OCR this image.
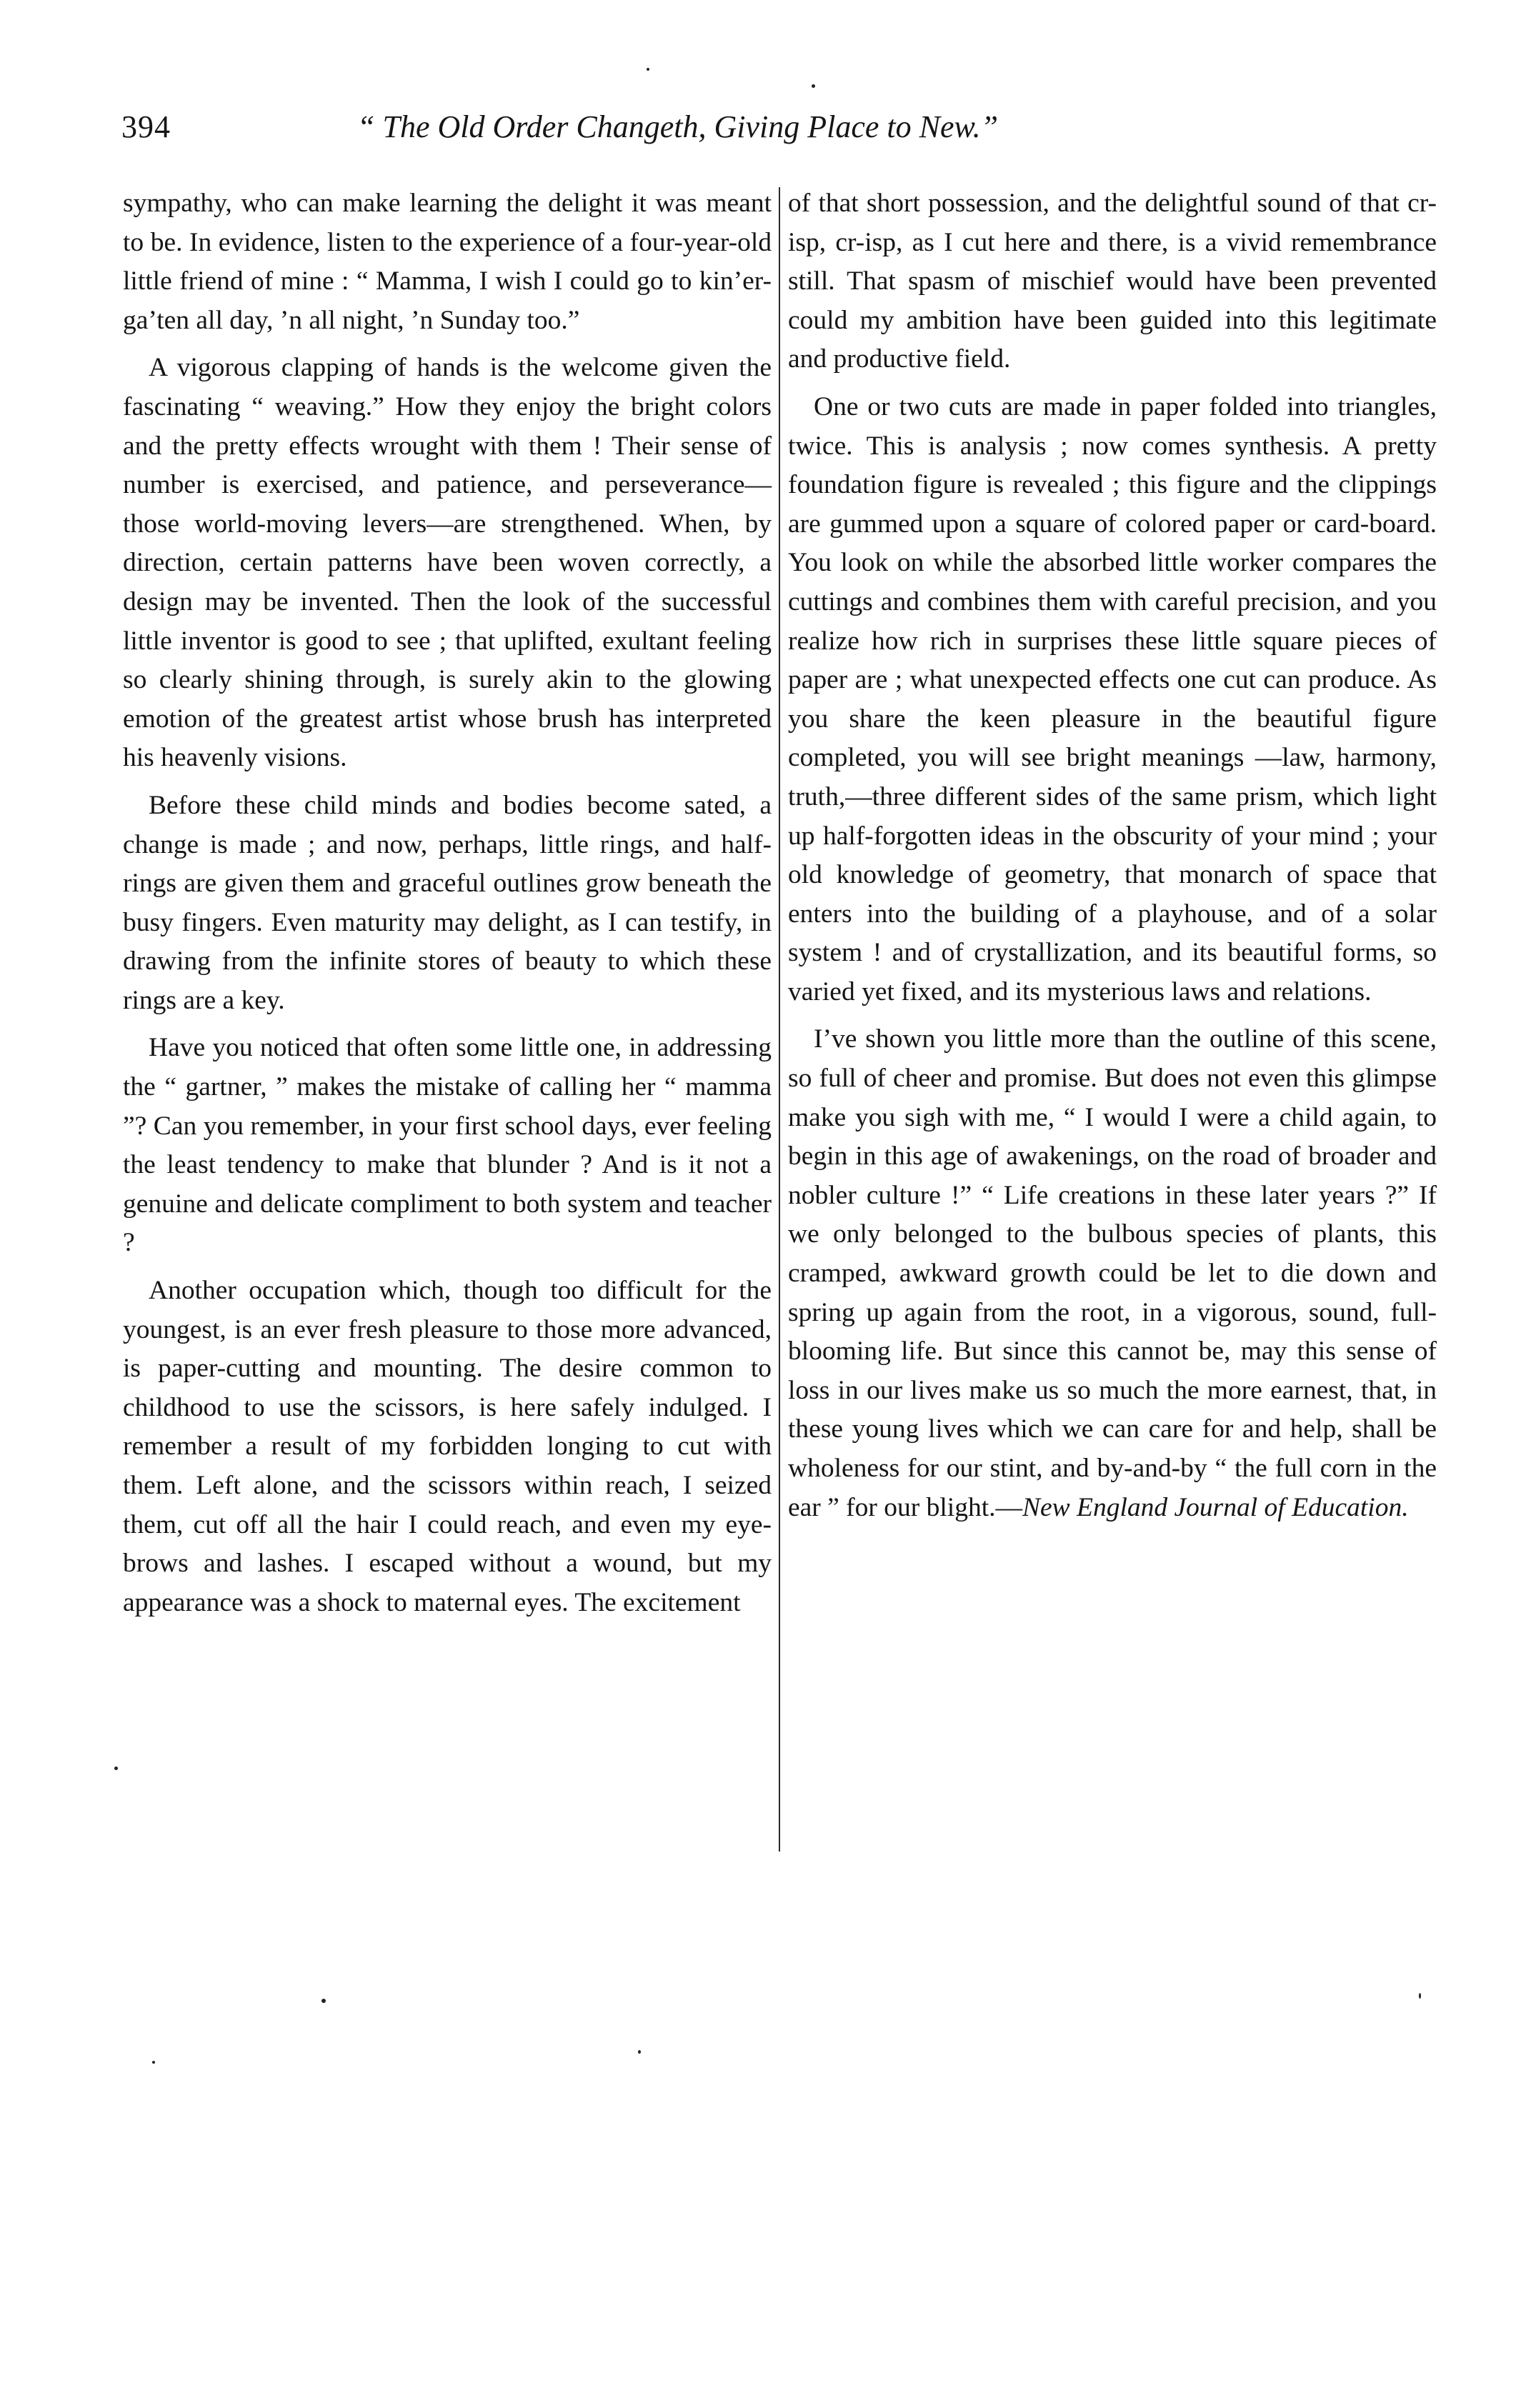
394	“ The Old Order Changeth, Giving Place to New.”

sympathy, who can make learning the delight it was meant to be. In evidence, listen to the experience of a four-year-old little friend of mine : “ Mamma, I wish I could go to kin’er-ga’ten all day, ’n all night, ’n Sunday too.”

A vigorous clapping of hands is the welcome given the fascinating “ weaving.” How they enjoy the bright colors and the pretty effects wrought with them ! Their sense of number is exercised, and patience, and perseverance— those world-moving levers—are strengthened. When, by direction, certain patterns have been woven correctly, a design may be invented. Then the look of the successful little inventor is good to see ; that uplifted, exultant feeling so clearly shining through, is surely akin to the glowing emotion of the greatest artist whose brush has interpreted his heavenly visions.

Before these child minds and bodies become sated, a change is made ; and now, perhaps, little rings, and half-rings are given them and graceful outlines grow beneath the busy fingers. Even maturity may delight, as I can testify, in drawing from the infinite stores of beauty to which these rings are a key.

Have you noticed that often some little one, in addressing the “ gartner, ” makes the mistake of calling her “ mamma ”? Can you remember, in your first school days, ever feeling the least tendency to make that blunder ? And is it not a genuine and delicate compliment to both system and teacher ?

Another occupation which, though too difficult for the youngest, is an ever fresh pleasure to those more advanced, is paper-cutting and mounting. The desire common to childhood to use the scissors, is here safely indulged. I remember a result of my forbidden longing to cut with them. Left alone, and the scissors within reach, I seized them, cut off all the hair I could reach, and even my eye-brows and lashes. I escaped without a wound, but my appearance was a shock to maternal eyes. The excitement

of that short possession, and the delightful sound of that cr-isp, cr-isp, as I cut here and there, is a vivid remembrance still. That spasm of mischief would have been prevented could my ambition have been guided into this legitimate and productive field.

One or two cuts are made in paper folded into triangles, twice. This is analysis ; now comes synthesis. A pretty foundation figure is revealed ; this figure and the clippings are gummed upon a square of colored paper or card-board. You look on while the absorbed little worker compares the cuttings and combines them with careful precision, and you realize how rich in surprises these little square pieces of paper are ; what unexpected effects one cut can produce. As you share the keen pleasure in the beautiful figure completed, you will see bright meanings —law, harmony, truth,—three different sides of the same prism, which light up half-forgotten ideas in the obscurity of your mind ; your old knowledge of geometry, that monarch of space that enters into the building of a playhouse, and of a solar system ! and of crystallization, and its beautiful forms, so varied yet fixed, and its mysterious laws and relations.

I’ve shown you little more than the outline of this scene, so full of cheer and promise. But does not even this glimpse make you sigh with me, “ I would I were a child again, to begin in this age of awakenings, on the road of broader and nobler culture !” “ Life creations in these later years ?” If we only belonged to the bulbous species of plants, this cramped, awkward growth could be let to die down and spring up again from the root, in a vigorous, sound, full-blooming life. But since this cannot be, may this sense of loss in our lives make us so much the more earnest, that, in these young lives which we can care for and help, shall be wholeness for our stint, and by-and-by “ the full corn in the ear ” for our blight.—New England Journal of Education.
